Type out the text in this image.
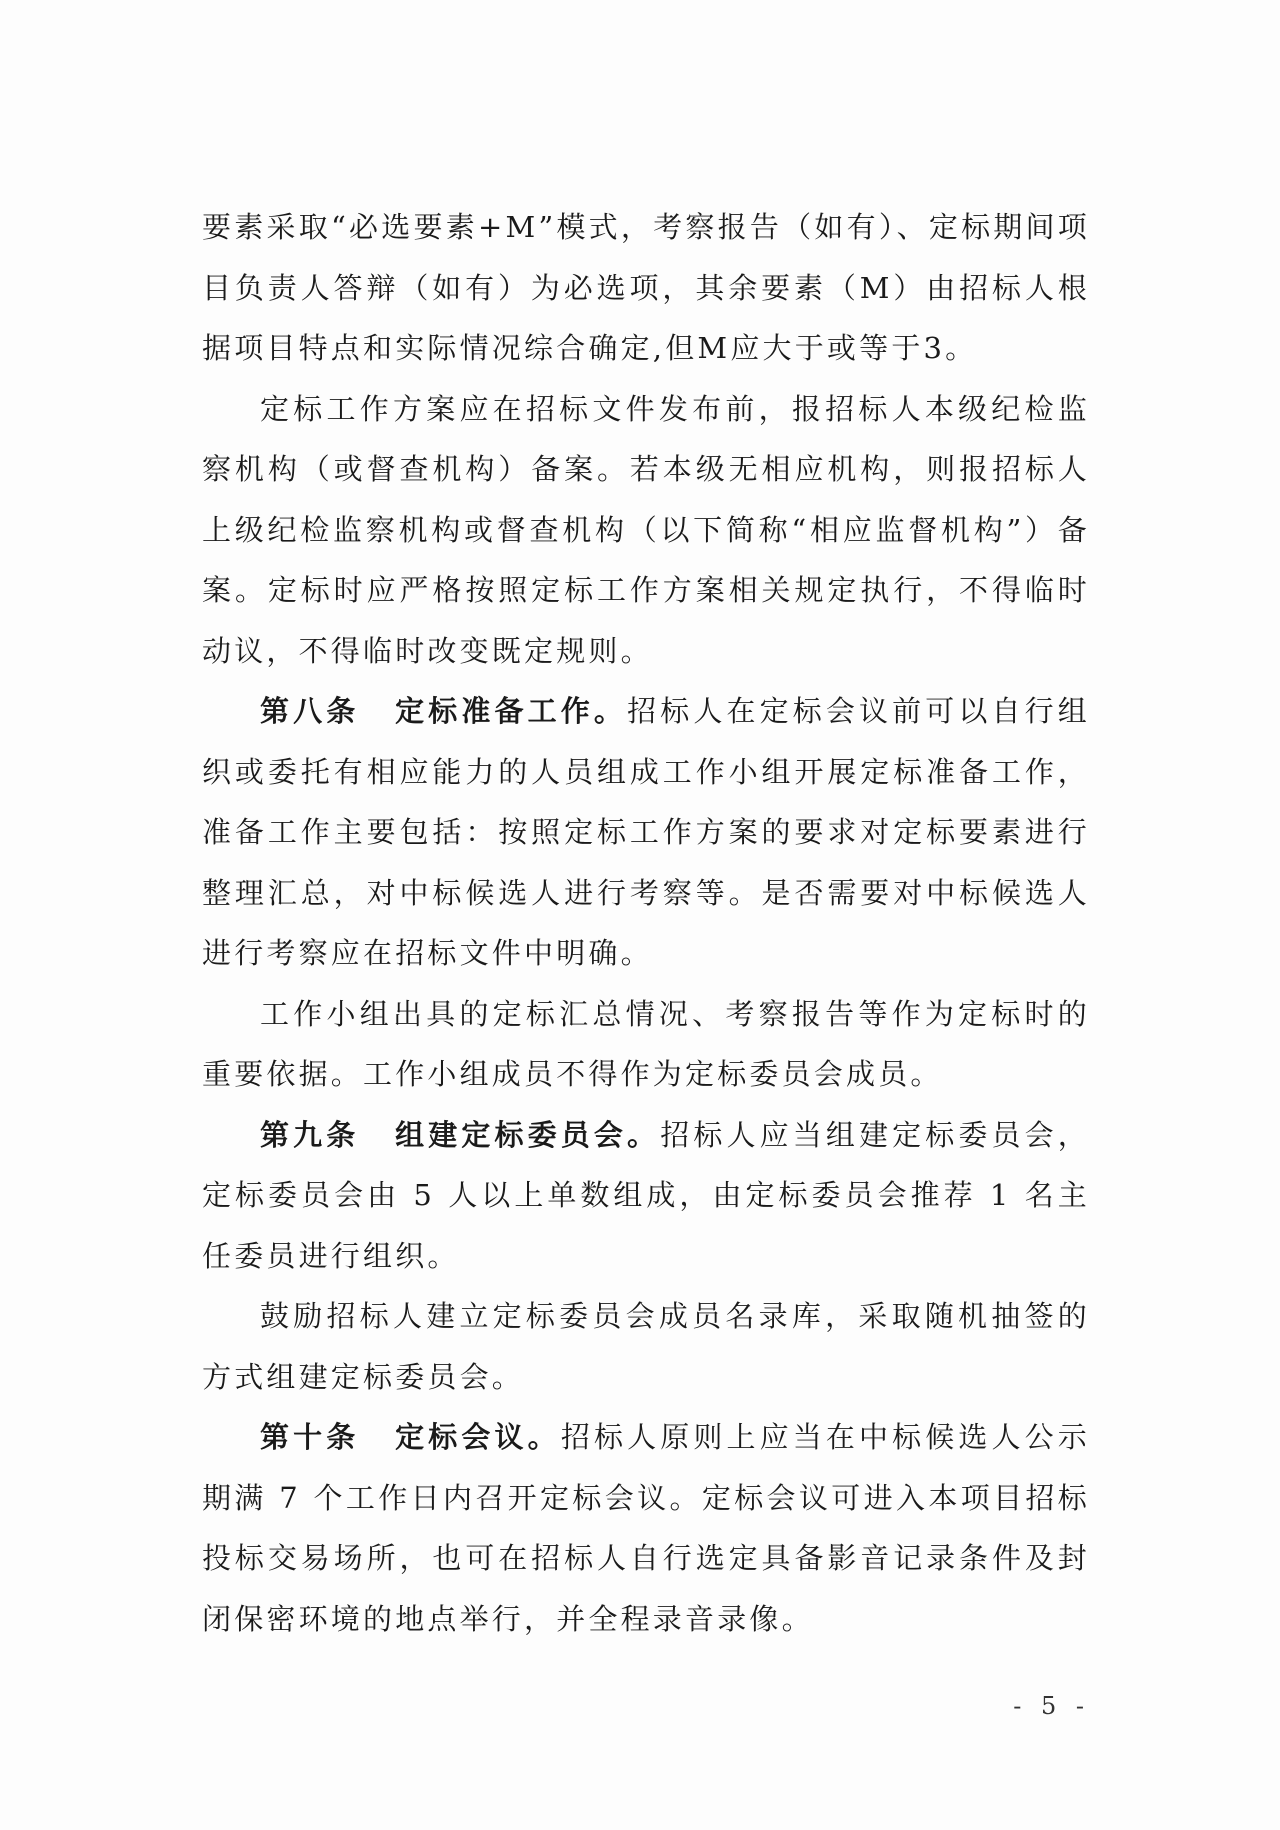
要素采取“必选要素+M”模式，考察报告（如有）、定标期间项目负责人答辩（如有）为必选项，其余要素（M）由招标人根据项目特点和实际情况综合确定,但M应大于或等于3。

定标工作方案应在招标文件发布前，报招标人本级纪检监察机构（或督查机构）备案。若本级无相应机构，则报招标人上级纪检监察机构或督查机构（以下简称“相应监督机构”）备案。定标时应严格按照定标工作方案相关规定执行，不得临时动议，不得临时改变既定规则。

第八条 定标准备工作。招标人在定标会议前可以自行组织或委托有相应能力的人员组成工作小组开展定标准备工作，准备工作主要包括：按照定标工作方案的要求对定标要素进行整理汇总，对中标候选人进行考察等。是否需要对中标候选人进行考察应在招标文件中明确。

工作小组出具的定标汇总情况、考察报告等作为定标时的重要依据。工作小组成员不得作为定标委员会成员。

第九条 组建定标委员会。招标人应当组建定标委员会，定标委员会由 5 人以上单数组成，由定标委员会推荐 1 名主任委员进行组织。

鼓励招标人建立定标委员会成员名录库，采取随机抽签的方式组建定标委员会。

第十条 定标会议。招标人原则上应当在中标候选人公示期满 7 个工作日内召开定标会议。定标会议可进入本项目招标投标交易场所，也可在招标人自行选定具备影音记录条件及封闭保密环境的地点举行，并全程录音录像。

- 5 -
